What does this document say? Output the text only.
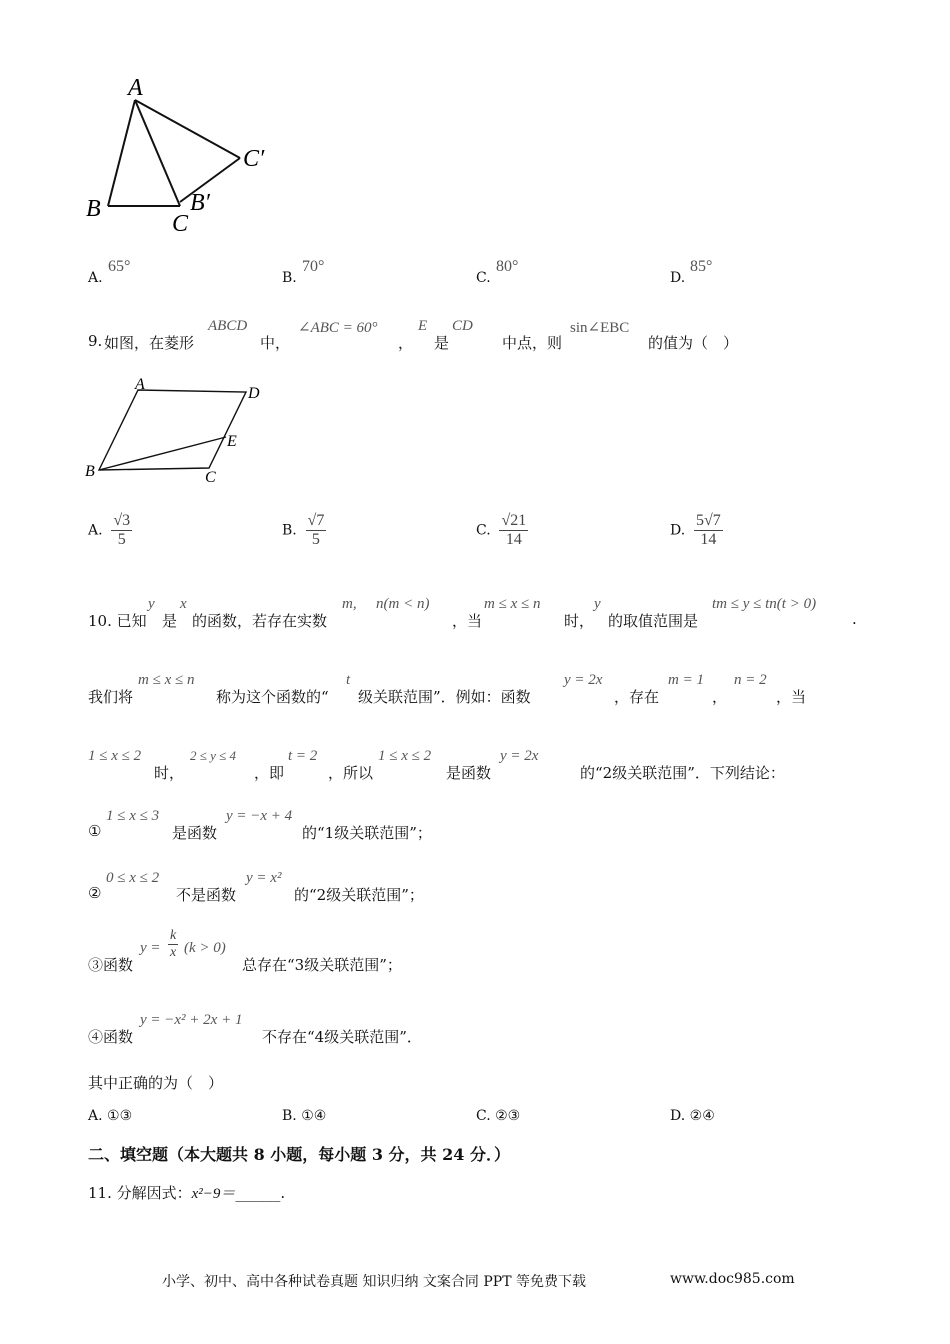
A
B
C
B′
C′
A.
65°
B.
70°
C.
80°
D.
85°
9. 如图，在菱形
ABCD
中，
∠ABC = 60°
，
E
是
CD
中点，则
sin∠EBC
的值为（　）
A
D
E
B	C
A. $\frac{√3}{5}$	B. $\frac{√7}{5}$	C. $\frac{√21}{14}$	D. $\frac{5√7}{14}$
10. 已知
y
是
x
的函数，若存在实数
m, n(m < n)
，当
m ≤ x ≤ n
时，
y
的取值范围是
tm ≤ y ≤ tn(t > 0)
.
我们将
m ≤ x ≤ n
称为这个函数的“
t
级关联范围”．例如：函数
y = 2x
，存在
m = 1
，
n = 2
，当
1 ≤ x ≤ 2
时，
2 ≤ y ≤ 4
，即
t = 2
，所以
1 ≤ x ≤ 2
是函数
y = 2x
的“2级关联范围”．下列结论：
①
1 ≤ x ≤ 3
是函数
y = −x + 4
的“1级关联范围”；
②
0 ≤ x ≤ 2
不是函数
y = x²
的“2级关联范围”；
③函数
$y = \frac{k}{x} (k > 0)$
总存在“3级关联范围”；
④函数
y = −x² + 2x + 1
不存在“4级关联范围”．
其中正确的为（　）
A. ①③	B. ①④	C. ②③	D. ②④
二、填空题（本大题共 8 小题，每小题 3 分，共 24 分．）
11. 分解因式：x²−9＝______.
小学、初中、高中各种试卷真题 知识归纳 文案合同 PPT 等免费下载	www.doc985.com
